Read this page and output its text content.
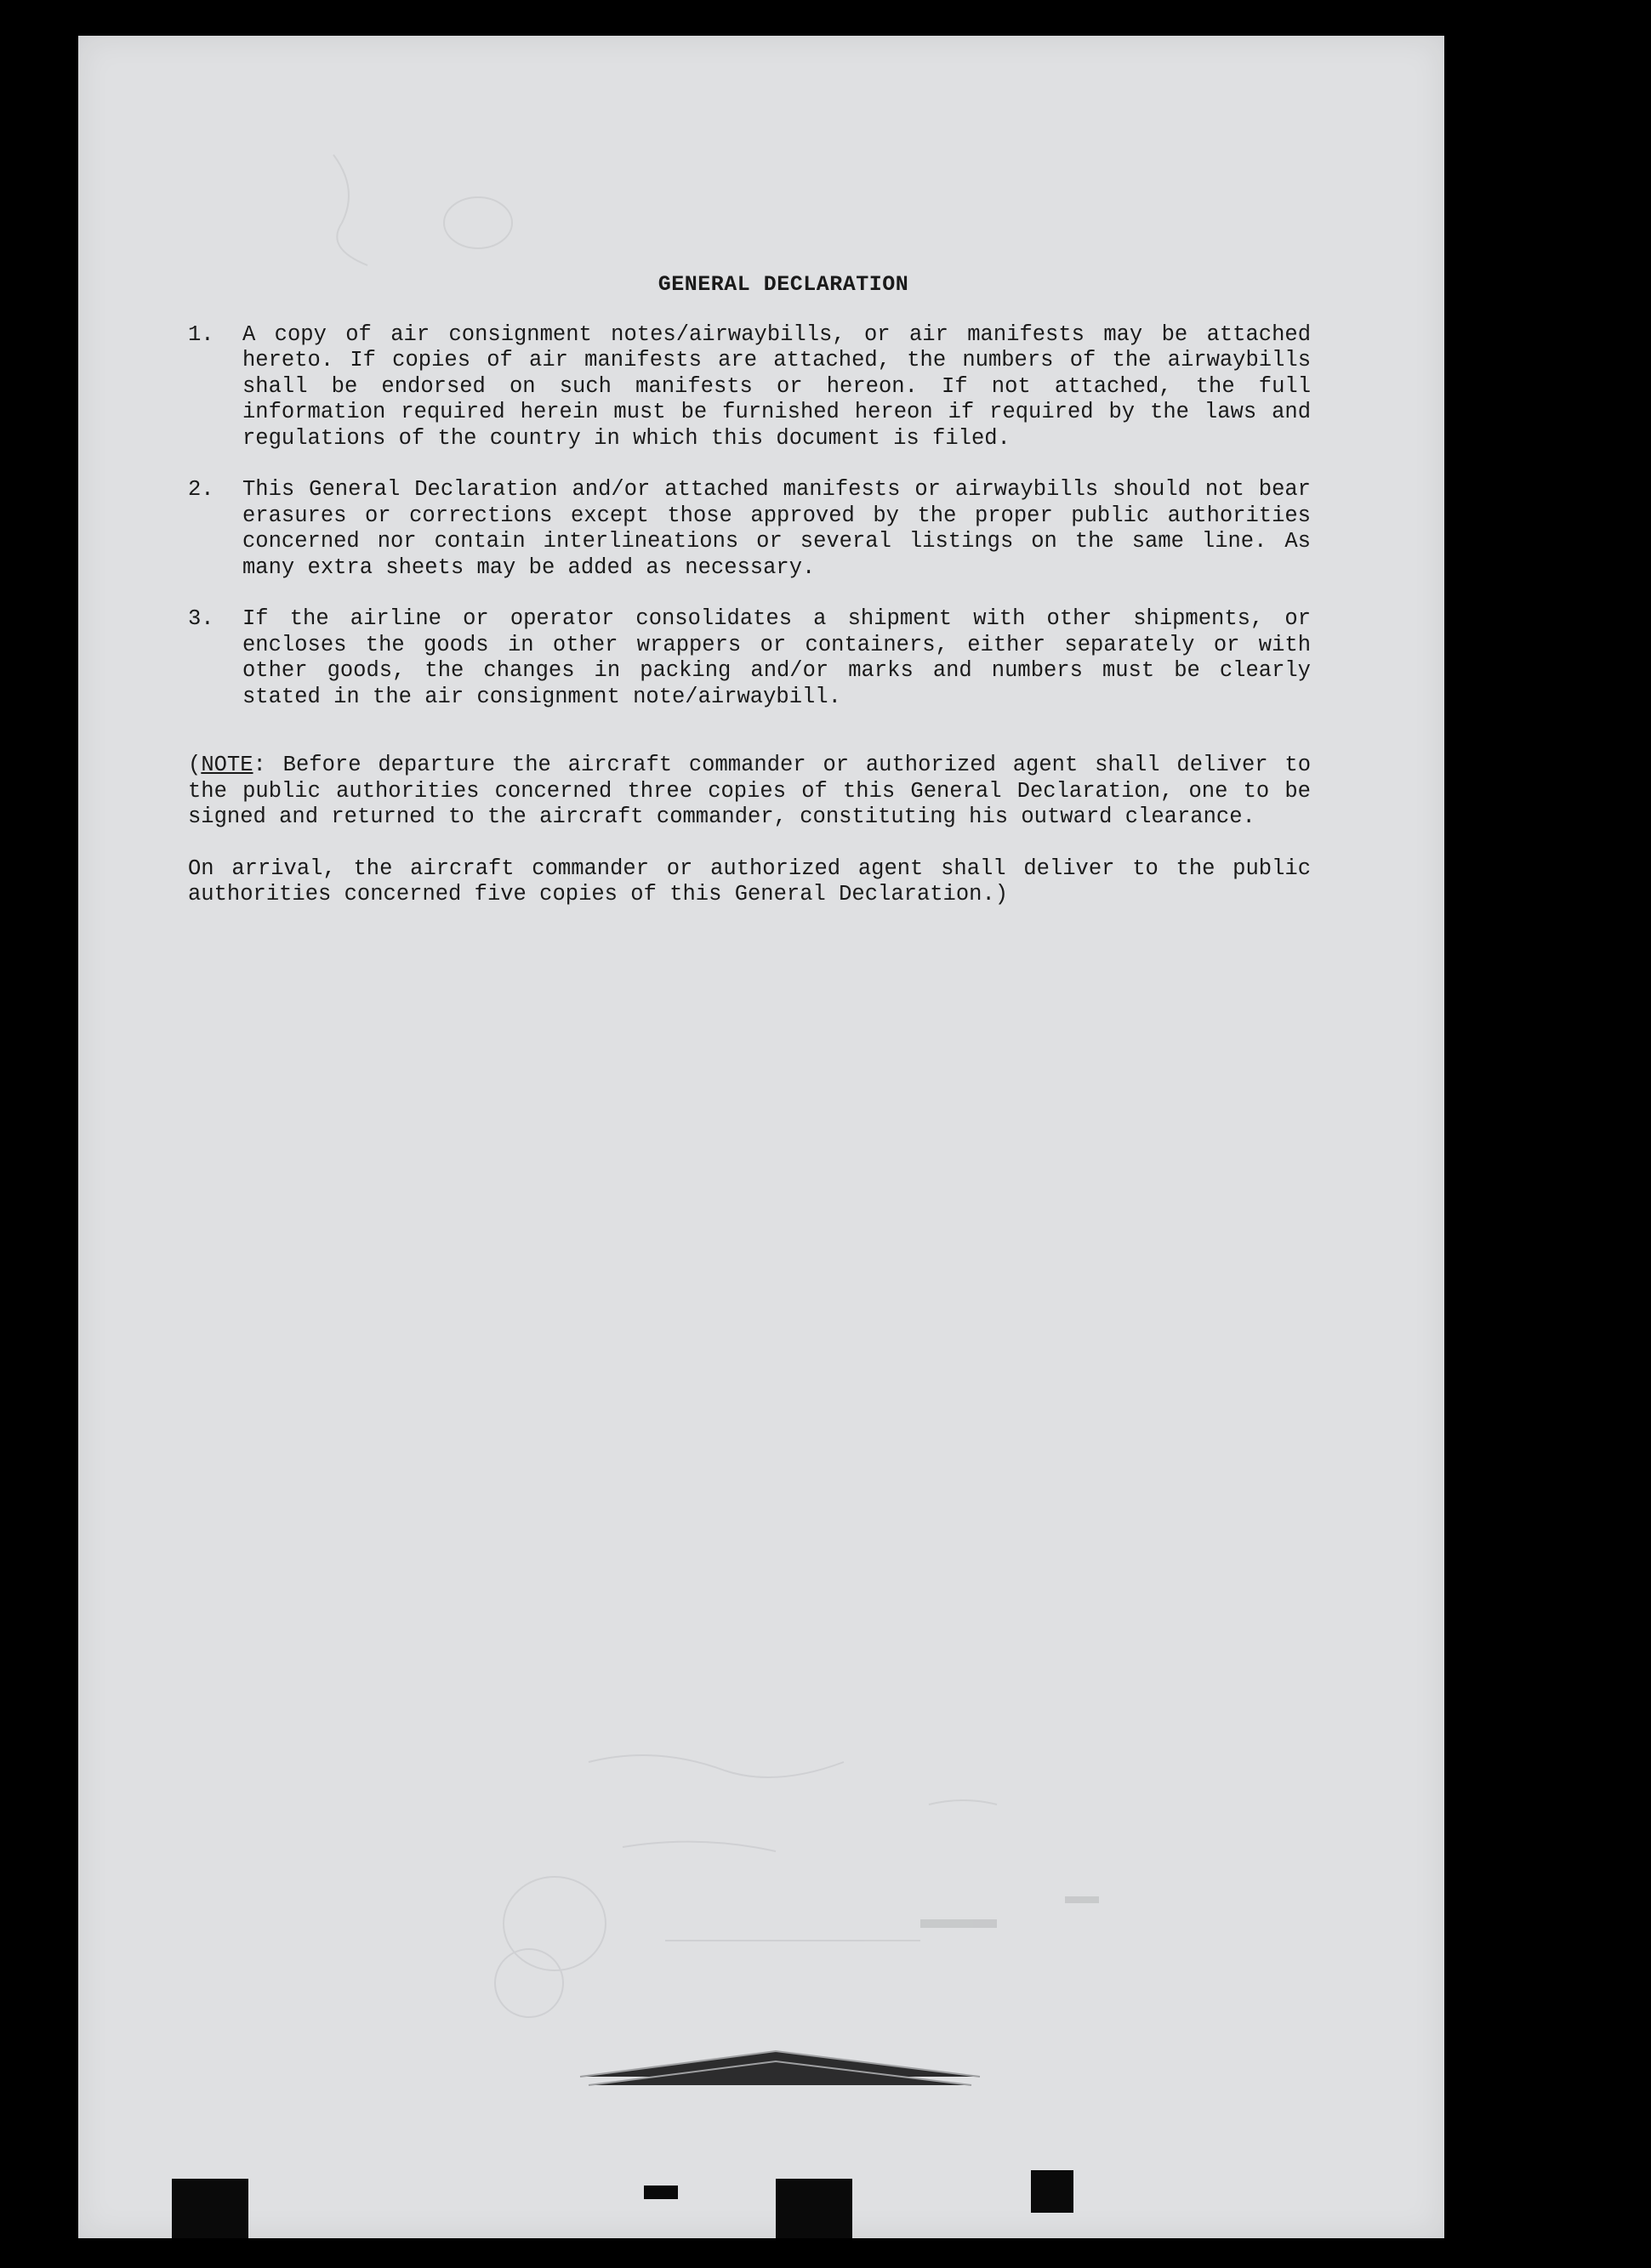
GENERAL DECLARATION
1.	A copy of air consignment notes/airwaybills, or air manifests may be attached hereto. If copies of air manifests are attached, the numbers of the airwaybills shall be endorsed on such manifests or hereon. If not attached, the full information required herein must be furnished hereon if required by the laws and regulations of the country in which this document is filed.
2.	This General Declaration and/or attached manifests or airwaybills should not bear erasures or corrections except those approved by the proper public authorities concerned nor contain interlineations or several listings on the same line. As many extra sheets may be added as necessary.
3.	If the airline or operator consolidates a shipment with other shipments, or encloses the goods in other wrappers or containers, either separately or with other goods, the changes in packing and/or marks and numbers must be clearly stated in the air consignment note/airwaybill.
(NOTE: Before departure the aircraft commander or authorized agent shall deliver to the public authorities concerned three copies of this General Declaration, one to be signed and returned to the aircraft commander, constituting his outward clearance.
On arrival, the aircraft commander or authorized agent shall deliver to the public authorities concerned five copies of this General Declaration.)
